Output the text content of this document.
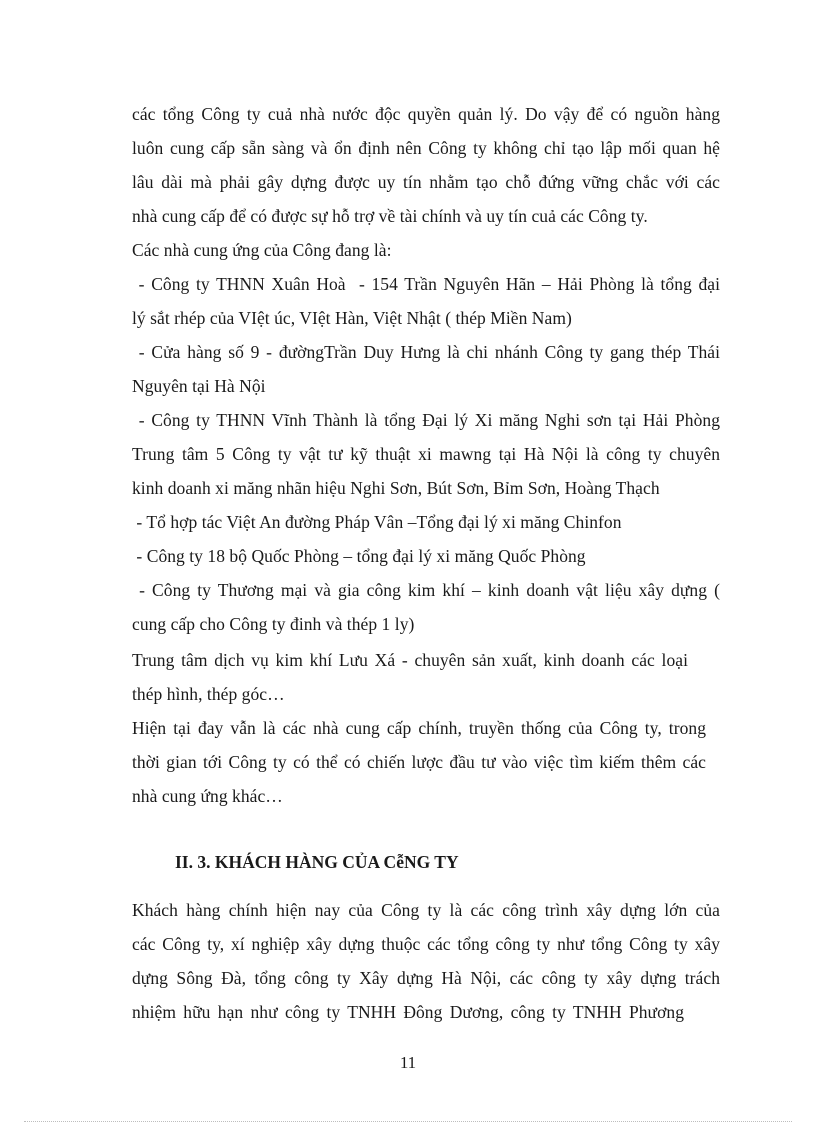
các tổng Công ty cuả nhà nước độc quyền quản lý. Do vậy để có nguồn hàng
luôn cung cấp sẵn sàng và ổn định nên Công ty không chỉ tạo lập mối quan hệ
lâu dài mà phải gây dựng được uy tín nhằm tạo chỗ đứng vững chắc với các
nhà cung cấp để có được sự hỗ trợ về tài chính và uy tín cuả các Công ty.
Các nhà cung ứng của Công đang là:
- Công ty THNN Xuân Hoà  - 154 Trần Nguyên Hãn – Hải Phòng là tổng đại
lý sắt rhép của VIệt úc, VIệt Hàn, Việt Nhật ( thép Miền Nam)
- Cửa hàng số 9 - đườngTrần Duy Hưng là chi nhánh Công ty gang thép Thái
Nguyên tại Hà Nội
- Công ty THNN Vĩnh Thành là tổng Đại lý Xi măng Nghi sơn tại Hải Phòng
Trung tâm 5 Công ty vật tư kỹ thuật xi mawng tại Hà Nội là công ty chuyên
kinh doanh xi măng nhãn hiệu Nghi Sơn, Bút Sơn, Bỉm Sơn, Hoàng Thạch
- Tổ hợp tác Việt An đường Pháp Vân –Tổng đại lý xi măng Chinfon
- Công ty 18 bộ Quốc Phòng – tổng đại lý xi măng Quốc Phòng
- Công ty Thương mại và gia công kim khí – kinh doanh vật liệu xây dựng (
cung cấp cho Công ty đinh và thép 1 ly)
Trung tâm dịch vụ kim khí Lưu Xá - chuyên sản xuất, kinh doanh các loại
thép hình, thép góc…
Hiện tại đay vẫn là các nhà cung cấp chính, truyền thống của Công ty, trong
thời gian tới Công ty có thể có chiến lược đầu tư vào việc tìm kiếm thêm các
nhà cung ứng khác…
II. 3. KHÁCH HÀNG CỦA CễNG TY
Khách hàng chính hiện nay của Công ty là các công trình xây dựng lớn của
các Công ty, xí nghiệp xây dựng thuộc các tổng công ty như tổng Công ty xây
dựng Sông Đà, tổng công ty Xây dựng Hà Nội, các công ty xây dựng trách
nhiệm hữu hạn như công ty TNHH Đông Dương, công ty TNHH Phương
11
